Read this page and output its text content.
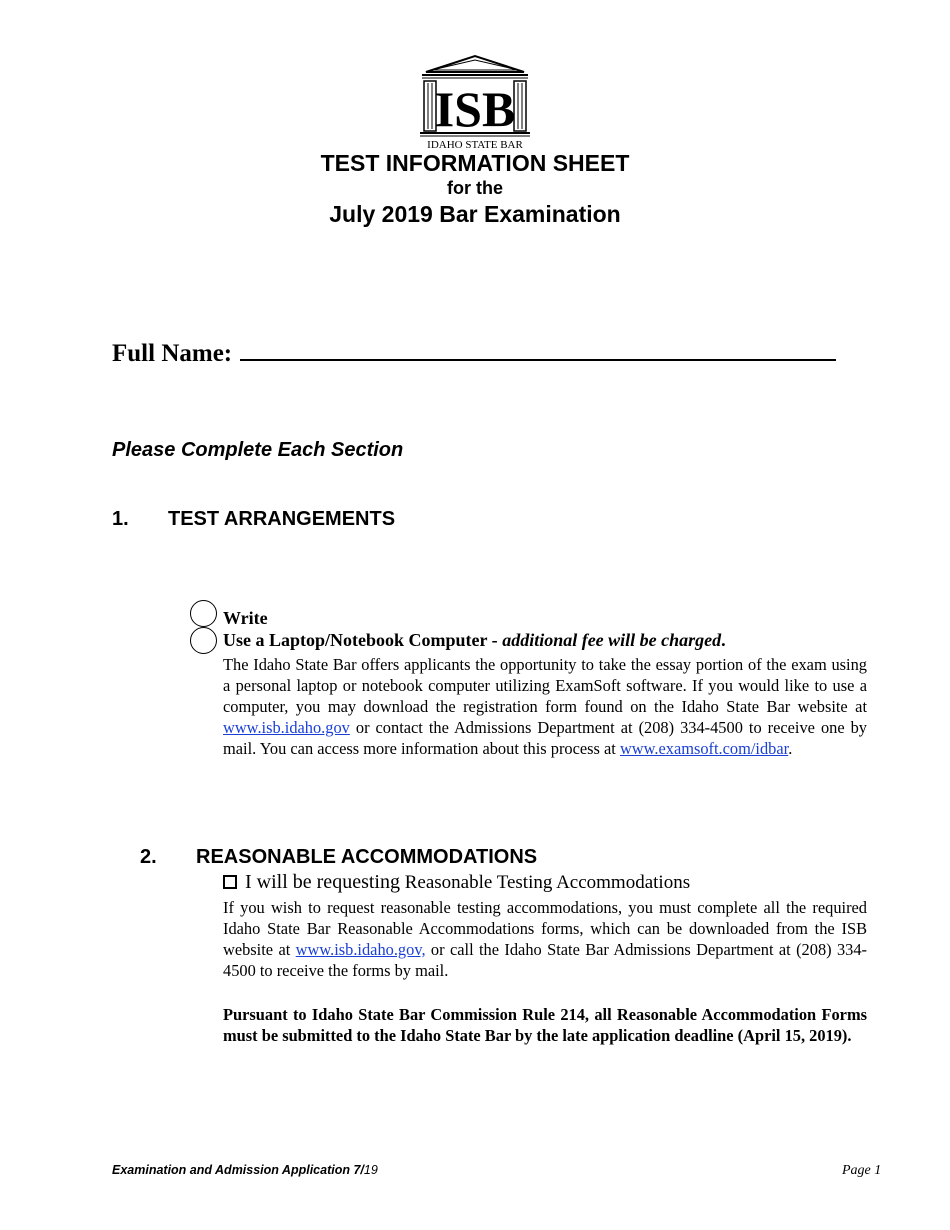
ISB
IDAHO STATE BAR
TEST INFORMATION SHEET
for the
July 2019 Bar Examination
Full Name:
Please Complete Each Section
1. TEST ARRANGEMENTS
Write
Use a Laptop/Notebook Computer - additional fee will be charged.
The Idaho State Bar offers applicants the opportunity to take the essay portion of the exam using a personal laptop or notebook computer utilizing ExamSoft software. If you would like to use a computer, you may download the registration form found on the Idaho State Bar website at www.isb.idaho.gov or contact the Admissions Department at (208) 334-4500 to receive one by mail. You can access more information about this process at www.examsoft.com/idbar.
2. REASONABLE ACCOMMODATIONS
I will be requesting Reasonable Testing Accommodations
If you wish to request reasonable testing accommodations, you must complete all the required Idaho State Bar Reasonable Accommodations forms, which can be downloaded from the ISB website at www.isb.idaho.gov, or call the Idaho State Bar Admissions Department at (208) 334-4500 to receive the forms by mail.
Pursuant to Idaho State Bar Commission Rule 214, all Reasonable Accommodation Forms must be submitted to the Idaho State Bar by the late application deadline (April 15, 2019).
Examination and Admission Application 7/19	Page 1
